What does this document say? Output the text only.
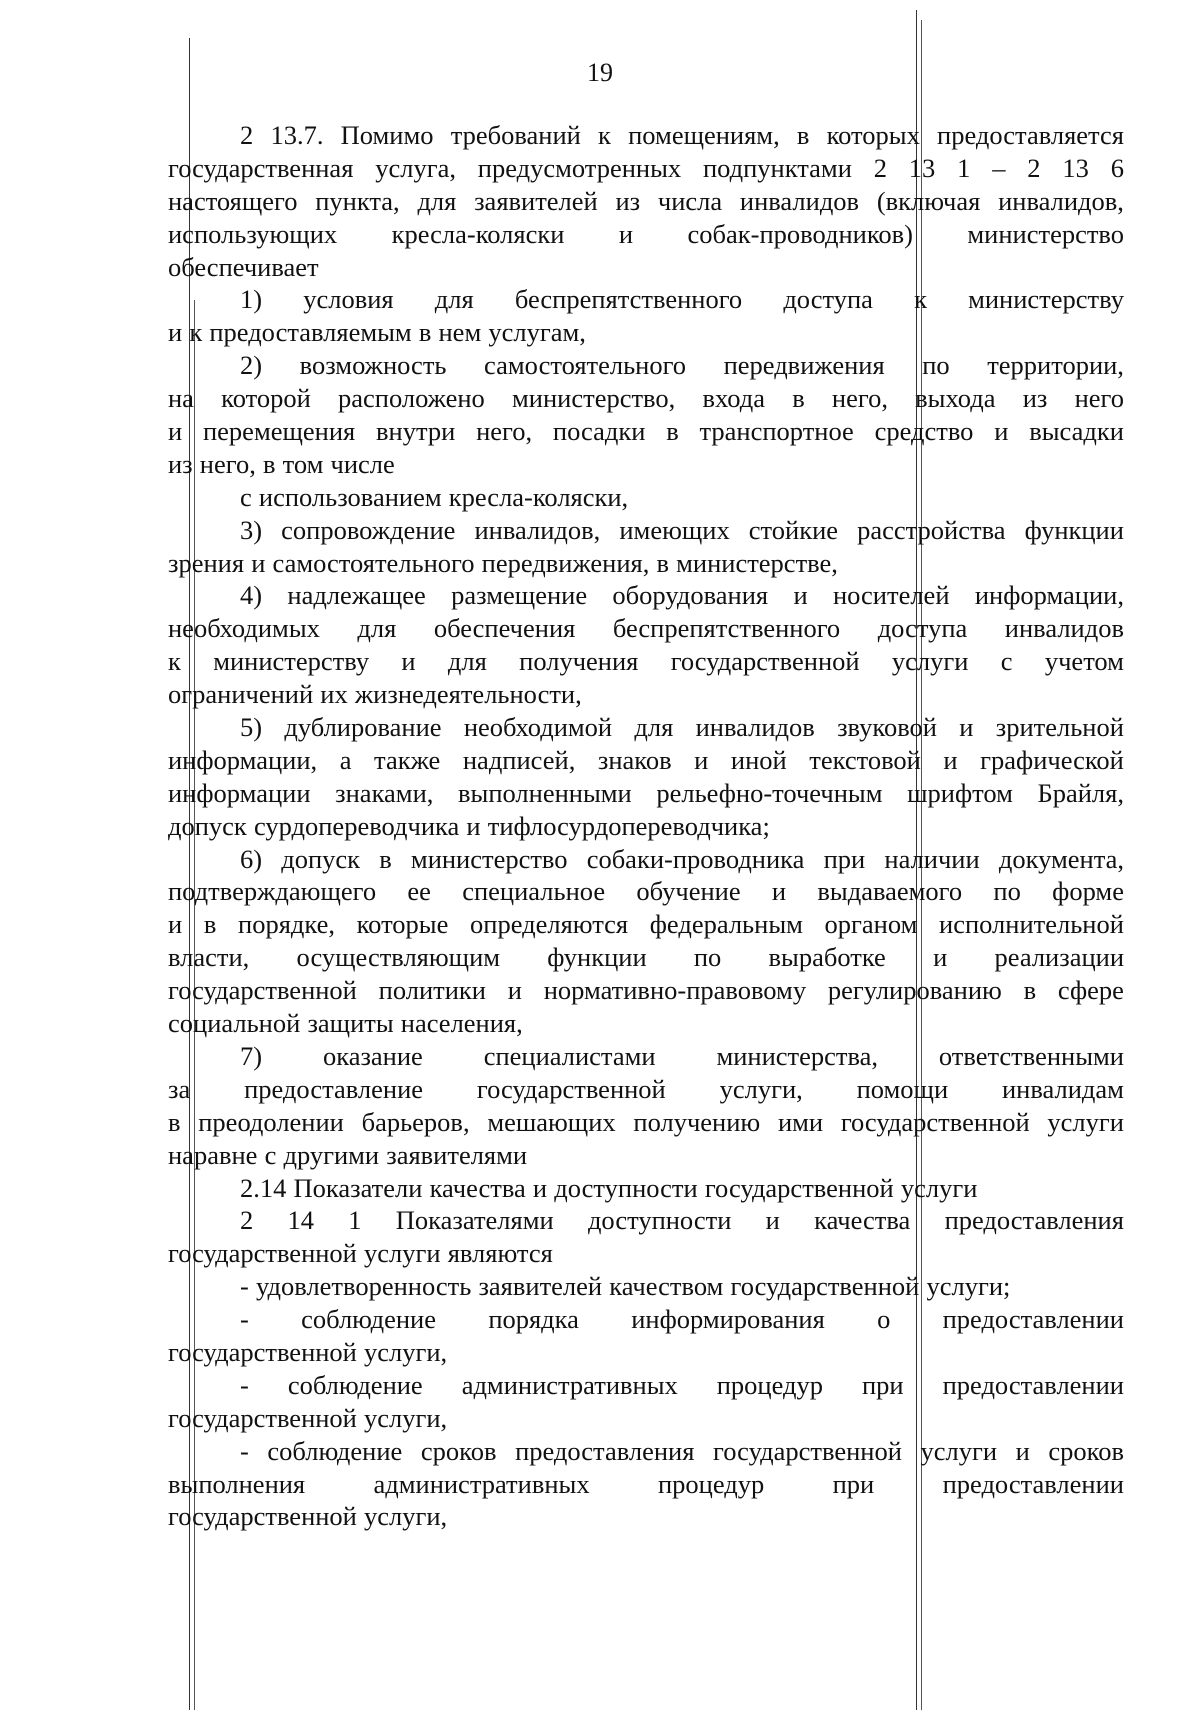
19
2 13.7. Помимо требований к помещениям, в которых предоставляется
государственная услуга, предусмотренных подпунктами 2 13 1 – 2 13 6
настоящего пункта, для заявителей из числа инвалидов (включая инвалидов,
использующих кресла-коляски и собак-проводников) министерство
обеспечивает
1) условия для беспрепятственного доступа к министерству
и к предоставляемым в нем услугам,
2) возможность самостоятельного передвижения по территории,
на которой расположено министерство, входа в него, выхода из него
и перемещения внутри него, посадки в транспортное средство и высадки
из него, в том числе
с использованием кресла-коляски,
3) сопровождение инвалидов, имеющих стойкие расстройства функции
зрения и самостоятельного передвижения, в министерстве,
4) надлежащее размещение оборудования и носителей информации,
необходимых для обеспечения беспрепятственного доступа инвалидов
к министерству и для получения государственной услуги с учетом
ограничений их жизнедеятельности,
5) дублирование необходимой для инвалидов звуковой и зрительной
информации, а также надписей, знаков и иной текстовой и графической
информации знаками, выполненными рельефно-точечным шрифтом Брайля,
допуск сурдопереводчика и тифлосурдопереводчика;
6) допуск в министерство собаки-проводника при наличии документа,
подтверждающего ее специальное обучение и выдаваемого по форме
и в порядке, которые определяются федеральным органом исполнительной
власти, осуществляющим функции по выработке и реализации
государственной политики и нормативно-правовому регулированию в сфере
социальной защиты населения,
7) оказание специалистами министерства, ответственными
за предоставление государственной услуги, помощи инвалидам
в преодолении барьеров, мешающих получению ими государственной услуги
наравне с другими заявителями
2.14 Показатели качества и доступности государственной услуги
2 14 1 Показателями доступности и качества предоставления
государственной услуги являются
- удовлетворенность заявителей качеством государственной услуги;
- соблюдение порядка информирования о предоставлении
государственной услуги,
- соблюдение административных процедур при предоставлении
государственной услуги,
- соблюдение сроков предоставления государственной услуги и сроков
выполнения	административных	процедур	при	предоставлении
государственной услуги,
